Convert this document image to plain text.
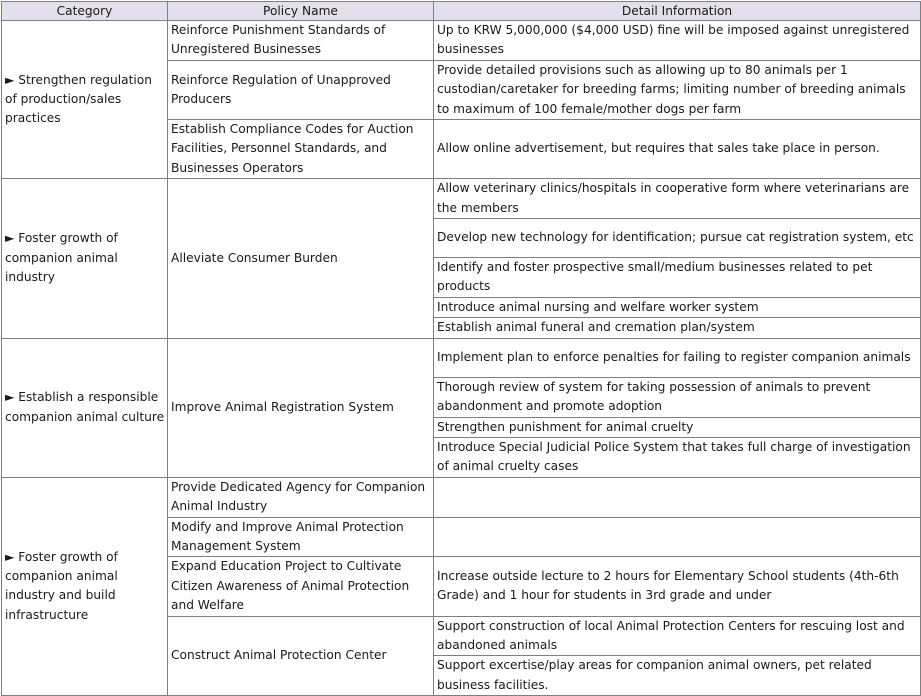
Category	Policy Name	Detail Information
► Strengthen regulation of production/sales practices	Reinforce Punishment Standards of Unregistered Businesses	Up to KRW 5,000,000 ($4,000 USD) fine will be imposed against unregistered businesses
	Reinforce Regulation of Unapproved Producers	Provide detailed provisions such as allowing up to 80 animals per 1 custodian/caretaker for breeding farms; limiting number of breeding animals to maximum of 100 female/mother dogs per farm
	Establish Compliance Codes for Auction Facilities, Personnel Standards, and Businesses Operators	Allow online advertisement, but requires that sales take place in person.
► Foster growth of companion animal industry	Alleviate Consumer Burden	Allow veterinary clinics/hospitals in cooperative form where veterinarians are the members
		Develop new technology for identification; pursue cat registration system, etc
		Identify and foster prospective small/medium businesses related to pet products
		Introduce animal nursing and welfare worker system
		Establish animal funeral and cremation plan/system
► Establish a responsible companion animal culture	Improve Animal Registration System	Implement plan to enforce penalties for failing to register companion animals
		Thorough review of system for taking possession of animals to prevent abandonment and promote adoption
		Strengthen punishment for animal cruelty
		Introduce Special Judicial Police System that takes full charge of investigation of animal cruelty cases
► Foster growth of companion animal industry and build infrastructure	Provide Dedicated Agency for Companion Animal Industry	
	Modify and Improve Animal Protection Management System	
	Expand Education Project to Cultivate Citizen Awareness of Animal Protection and Welfare	Increase outside lecture to 2 hours for Elementary School students (4th-6th Grade) and 1 hour for students in 3rd grade and under
	Construct Animal Protection Center	Support construction of local Animal Protection Centers for rescuing lost and abandoned animals
		Support excertise/play areas for companion animal owners, pet related business facilities.
